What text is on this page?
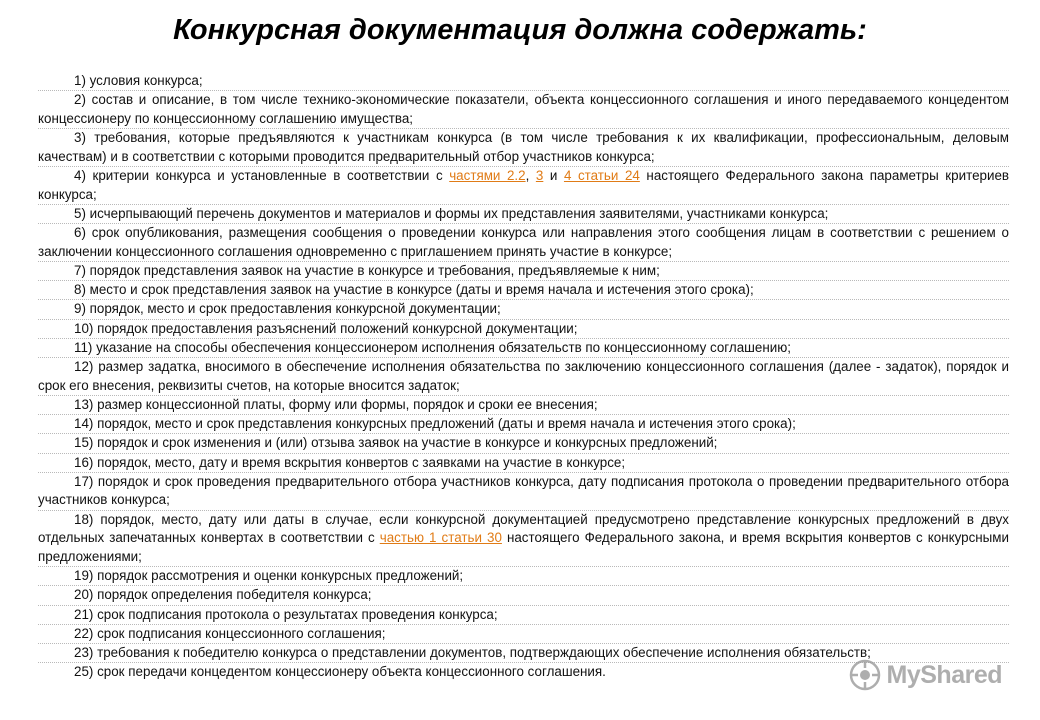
Конкурсная документация должна содержать:
1) условия конкурса;
2) состав и описание, в том числе технико-экономические показатели, объекта концессионного соглашения и иного передаваемого концедентом концессионеру по концессионному соглашению имущества;
3) требования, которые предъявляются к участникам конкурса (в том числе требования к их квалификации, профессиональным, деловым качествам) и в соответствии с которыми проводится предварительный отбор участников конкурса;
4) критерии конкурса и установленные в соответствии с частями 2.2, 3 и 4 статьи 24 настоящего Федерального закона параметры критериев конкурса;
5) исчерпывающий перечень документов и материалов и формы их представления заявителями, участниками конкурса;
6) срок опубликования, размещения сообщения о проведении конкурса или направления этого сообщения лицам в соответствии с решением о заключении концессионного соглашения одновременно с приглашением принять участие в конкурсе;
7) порядок представления заявок на участие в конкурсе и требования, предъявляемые к ним;
8) место и срок представления заявок на участие в конкурсе (даты и время начала и истечения этого срока);
9) порядок, место и срок предоставления конкурсной документации;
10) порядок предоставления разъяснений положений конкурсной документации;
11) указание на способы обеспечения концессионером исполнения обязательств по концессионному соглашению;
12) размер задатка, вносимого в обеспечение исполнения обязательства по заключению концессионного соглашения (далее - задаток), порядок и срок его внесения, реквизиты счетов, на которые вносится задаток;
13) размер концессионной платы, форму или формы, порядок и сроки ее внесения;
14) порядок, место и срок представления конкурсных предложений (даты и время начала и истечения этого срока);
15) порядок и срок изменения и (или) отзыва заявок на участие в конкурсе и конкурсных предложений;
16) порядок, место, дату и время вскрытия конвертов с заявками на участие в конкурсе;
17) порядок и срок проведения предварительного отбора участников конкурса, дату подписания протокола о проведении предварительного отбора участников конкурса;
18) порядок, место, дату или даты в случае, если конкурсной документацией предусмотрено представление конкурсных предложений в двух отдельных запечатанных конвертах в соответствии с частью 1 статьи 30 настоящего Федерального закона, и время вскрытия конвертов с конкурсными предложениями;
19) порядок рассмотрения и оценки конкурсных предложений;
20) порядок определения победителя конкурса;
21) срок подписания протокола о результатах проведения конкурса;
22) срок подписания концессионного соглашения;
23) требования к победителю конкурса о представлении документов, подтверждающих обеспечение исполнения обязательств;
25) срок передачи концедентом концессионеру объекта концессионного соглашения.	MyShared
